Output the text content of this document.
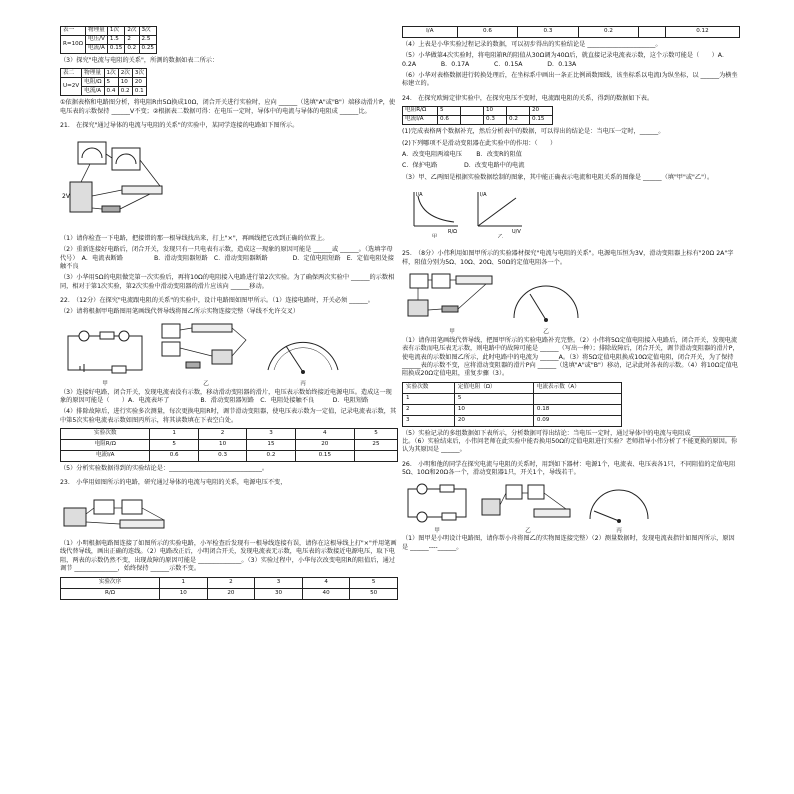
表一	物理量	1次	2次	3次
R=10Ω	电压/V	1.5	2	2.5
	电流/A	0.15	0.2	0.25

（3）探究"电流与电阻的关系"，所测的数据如表二所示：

表二	物理量	1次	2次	3次
U=2V	电阻/Ω	5	10	20
	电流/A	0.4	0.2	0.1

①依据表格和电路图分析，将电阻R由5Ω换成10Ω，闭合开关进行实验时，应向 ______（选填"A"或"B"）端移动滑片P，使电压表的示数保持 ______V不变；②根据表二数据可得：在电压一定时，导体中的电流与导体的电阻成 ______比。

21.　在探究"通过导体的电流与电阻的关系"的实验中，某同学连接的电路如下图所示。

2V

（1）请你检查一下电路，把接错的那一根导线找出来，打上"×"，再画线把它改到正确的位置上。

（2）重新连接好电路后，闭合开关，发现只有一只电表有示数，造成这一现象的原因可能是 ______或 ______。（选填字母代号）　A．电流表断路　　　　　B．滑动变阻器短路　C．滑动变阻器断路　　　　D．定值电阻短路　E．定值电阻处接触不良

（3）小华用5Ω的电阻做完第一次实验后，再将10Ω的电阻接入电路进行第2次实验。为了确保两次实验中 ______的示数相同，相对于第1次实验，第2次实验中滑动变阻器的滑片应该向 ______移动。

22.　（12分）在探究"电流跟电阻的关系"的实验中，设计电路图如图甲所示。（1）连接电路时，开关必须 ______。

（2）请将根据甲电路图用笔画线代替导线将图乙所示实物连接完整（导线不允许交叉）

甲	乙	丙

（3）连接好电路，闭合开关，发现电流表没有示数，移动滑动变阻器的滑片，电压表示数始终接近电源电压。造成这一现象的原因可能是（　　）A．电流表坏了　　　　　B．滑动变阻器短路　C．电阻处接触不良　　　D．电阻短路

（4）排除故障后，进行实验多次测量，每次更换电阻R时，调节滑动变阻器，使电压表示数为一定值，记录电流表示数，其中第5次实验电流表示数如图丙所示，将其读数填在下表空白处。

实验次数	1	2	3	4	5
电阻R/Ω	5	10	15	20	25
电流I/A	0.6	0.3	0.2	0.15	

（5）分析实验数据得到的实验结论是：______________________________。

23.　小华用如图所示的电路，研究通过导体的电流与电阻的关系，电源电压不变，

（1）小明根据电路图连接了如图所示的实验电路，小军检查后发现有一根导线连接有误，请你在这根导线上打"×"并用笔画线代替导线，画出正确的连线。（2）电路改正后，小明闭合开关，发现电流表无示数，电压表的示数接近电源电压，取下电阻，两表的示数仍然不变，出现故障的原因可能是 ______________。（3）实验过程中，小华每次改变电阻R的阻值后，通过调节 ______________，始终保持 ______示数不变。

实验次序	1	2	3	4	5
R/Ω	10	20	30	40	50
I/A	0.6	0.3	0.2		0.12

（4）上表是小华实验过程记录的数据，可以初步得出的实验结论是 ______________________。

（5）小华做第4次实验时，将电阻箱R的阻值从30Ω调为40Ω后，就直接记录电流表示数，这个示数可能是（　　）A．0.2A　　　　B．0.17A　　　　C．0.15A　　　　D．0.13A

（6）小华对表格数据进行转换处理后，在坐标系中画出一条正比例函数图线，该坐标系以电流I为纵坐标，以 ______为横坐标建立的。

24.　在探究欧姆定律实验中，在探究电压不变时，电流跟电阻的关系，得到的数据如下表。

电阻R/Ω	5		10		20
电流I/A	0.6		0.3	0.2	0.15

(1)完成表格两个数据补充，然后分析表中的数据，可以得出的结论是：当电压一定时，______。

(2)下列哪项不是滑动变阻器在此实验中的作用：（　　）

A．改变电阻两端电压　　 B．改变R的阻值

C．保护电路　　　　	D．改变电路中的电流

（3）甲、乙两图是根据实验数据绘制的图象，其中能正确表示电流和电阻关系的图像是 ______（填"甲"或"乙"）。

I/A
R/Ω
甲
I/A
U/V
乙

25.　（8分）小伟利用如图甲所示的实验器材探究"电流与电阻的关系"。电源电压恒为3V，滑动变阻器上标有"20Ω 2A"字样，阻值分别为5Ω、10Ω、20Ω、50Ω的定值电阻各一个。

甲	乙

（1）请你用笔画线代替导线，把图甲所示的实验电路补充完整。（2）小伟将5Ω定值电阻接入电路后，闭合开关，发现电流表有示数而电压表无示数，则电路中的故障可能是 ______（写出一种）；排除故障后，闭合开关，调节滑动变阻器的滑片P，使电流表的示数如图乙所示，此时电路中的电流为 ______A。（3）将5Ω定值电阻换成10Ω定值电阻，闭合开关，为了保持 ______表的示数不变，应将滑动变阻器的滑片P向 ______（选填"A"或"B"）移动，记录此时各表的示数。（4）将10Ω定值电阻换成20Ω定值电阻，重复步骤（3）。

实验次数	定值电阻（Ω）	电流表示数（A）
1	5	
2	10	0.18
3	20	0.09

（5）实验记录的多组数据如下表所示，分析数据可得出结论：当电压一定时，通过导体中的电流与电阻成 ______________比。（6）实验结束后，小伟问老师在此实验中能否换用50Ω的定值电阻进行实验？老师指导小伟分析了不能更换的原因。你认为其原因是 ______。

26.　小明和他的同学在探究电流与电阻的关系时，用到如下器材：电源1个，电流表、电压表各1只，不同阻值的定值电阻5Ω、10Ω和20Ω各一个，滑动变阻器1只，开关1个，导线若干。

甲	乙	丙

（1）图甲是小明设计电路图，请你帮小舟将图乙的实物图连接完整）（2）测量数据时，发现电流表指针如图丙所示，原因是 ______----______。
